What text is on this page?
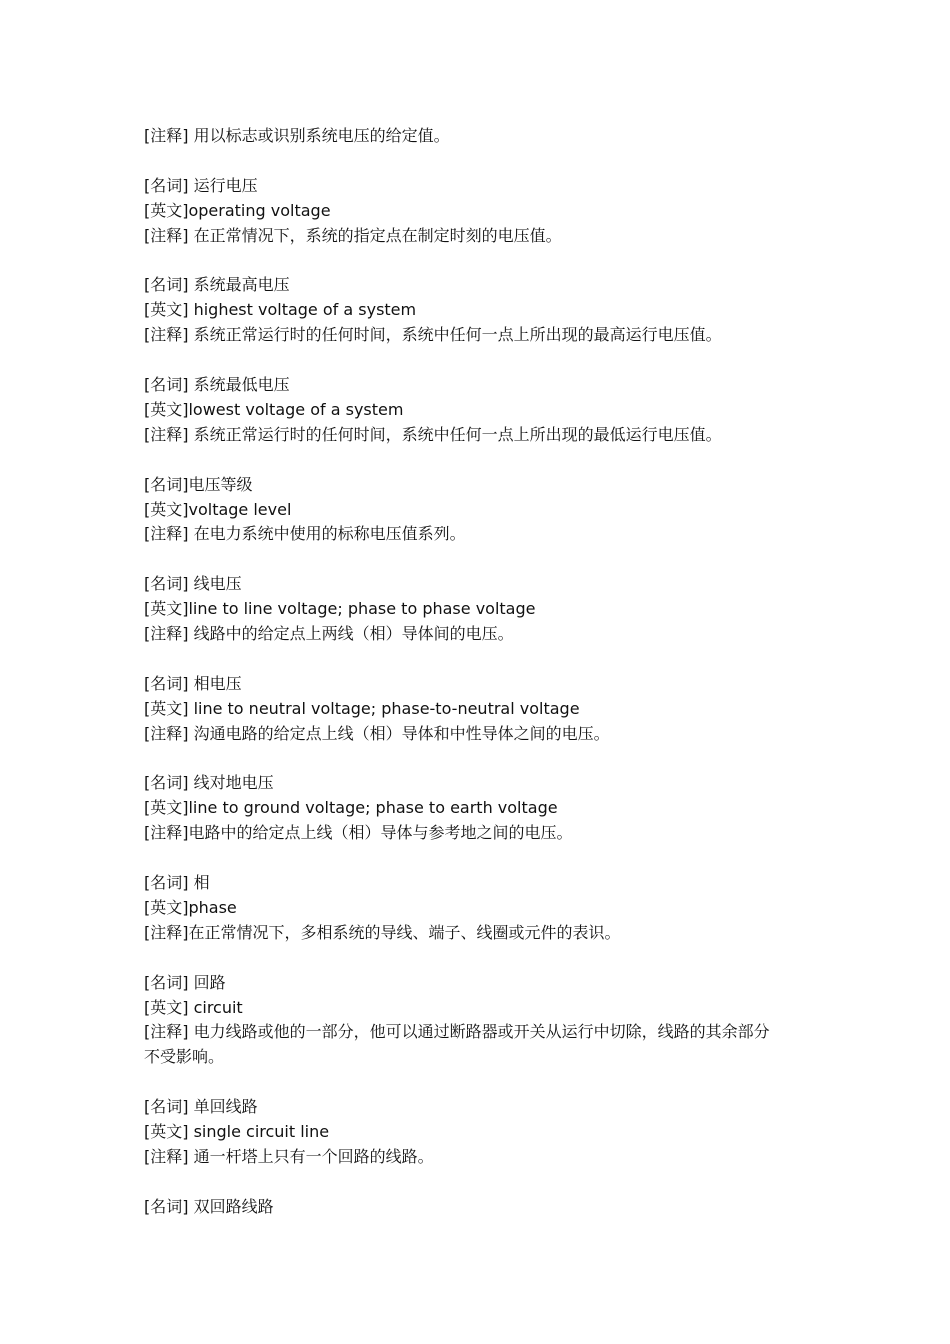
[注释] 用以标志或识别系统电压的给定值。

[名词] 运行电压

[英文]operating voltage

[注释] 在正常情况下，系统的指定点在制定时刻的电压值。

[名词] 系统最高电压

[英文] highest voltage of a system

[注释] 系统正常运行时的任何时间，系统中任何一点上所出现的最高运行电压值。

[名词] 系统最低电压

[英文]lowest voltage of a system

[注释] 系统正常运行时的任何时间，系统中任何一点上所出现的最低运行电压值。

[名词]电压等级

[英文]voltage level

[注释] 在电力系统中使用的标称电压值系列。

[名词] 线电压

[英文]line to line voltage; phase to phase voltage

[注释] 线路中的给定点上两线（相）导体间的电压。

[名词] 相电压

[英文] line to neutral voltage; phase-to-neutral voltage

[注释] 沟通电路的给定点上线（相）导体和中性导体之间的电压。

[名词] 线对地电压

[英文]line to ground voltage; phase to earth voltage

[注释]电路中的给定点上线（相）导体与参考地之间的电压。

[名词] 相

[英文]phase

[注释]在正常情况下，多相系统的导线、端子、线圈或元件的表识。

[名词] 回路

[英文] circuit

[注释] 电力线路或他的一部分，他可以通过断路器或开关从运行中切除，线路的其余部分

不受影响。

[名词] 单回线路

[英文] single circuit line

[注释] 通一杆塔上只有一个回路的线路。

[名词] 双回路线路
